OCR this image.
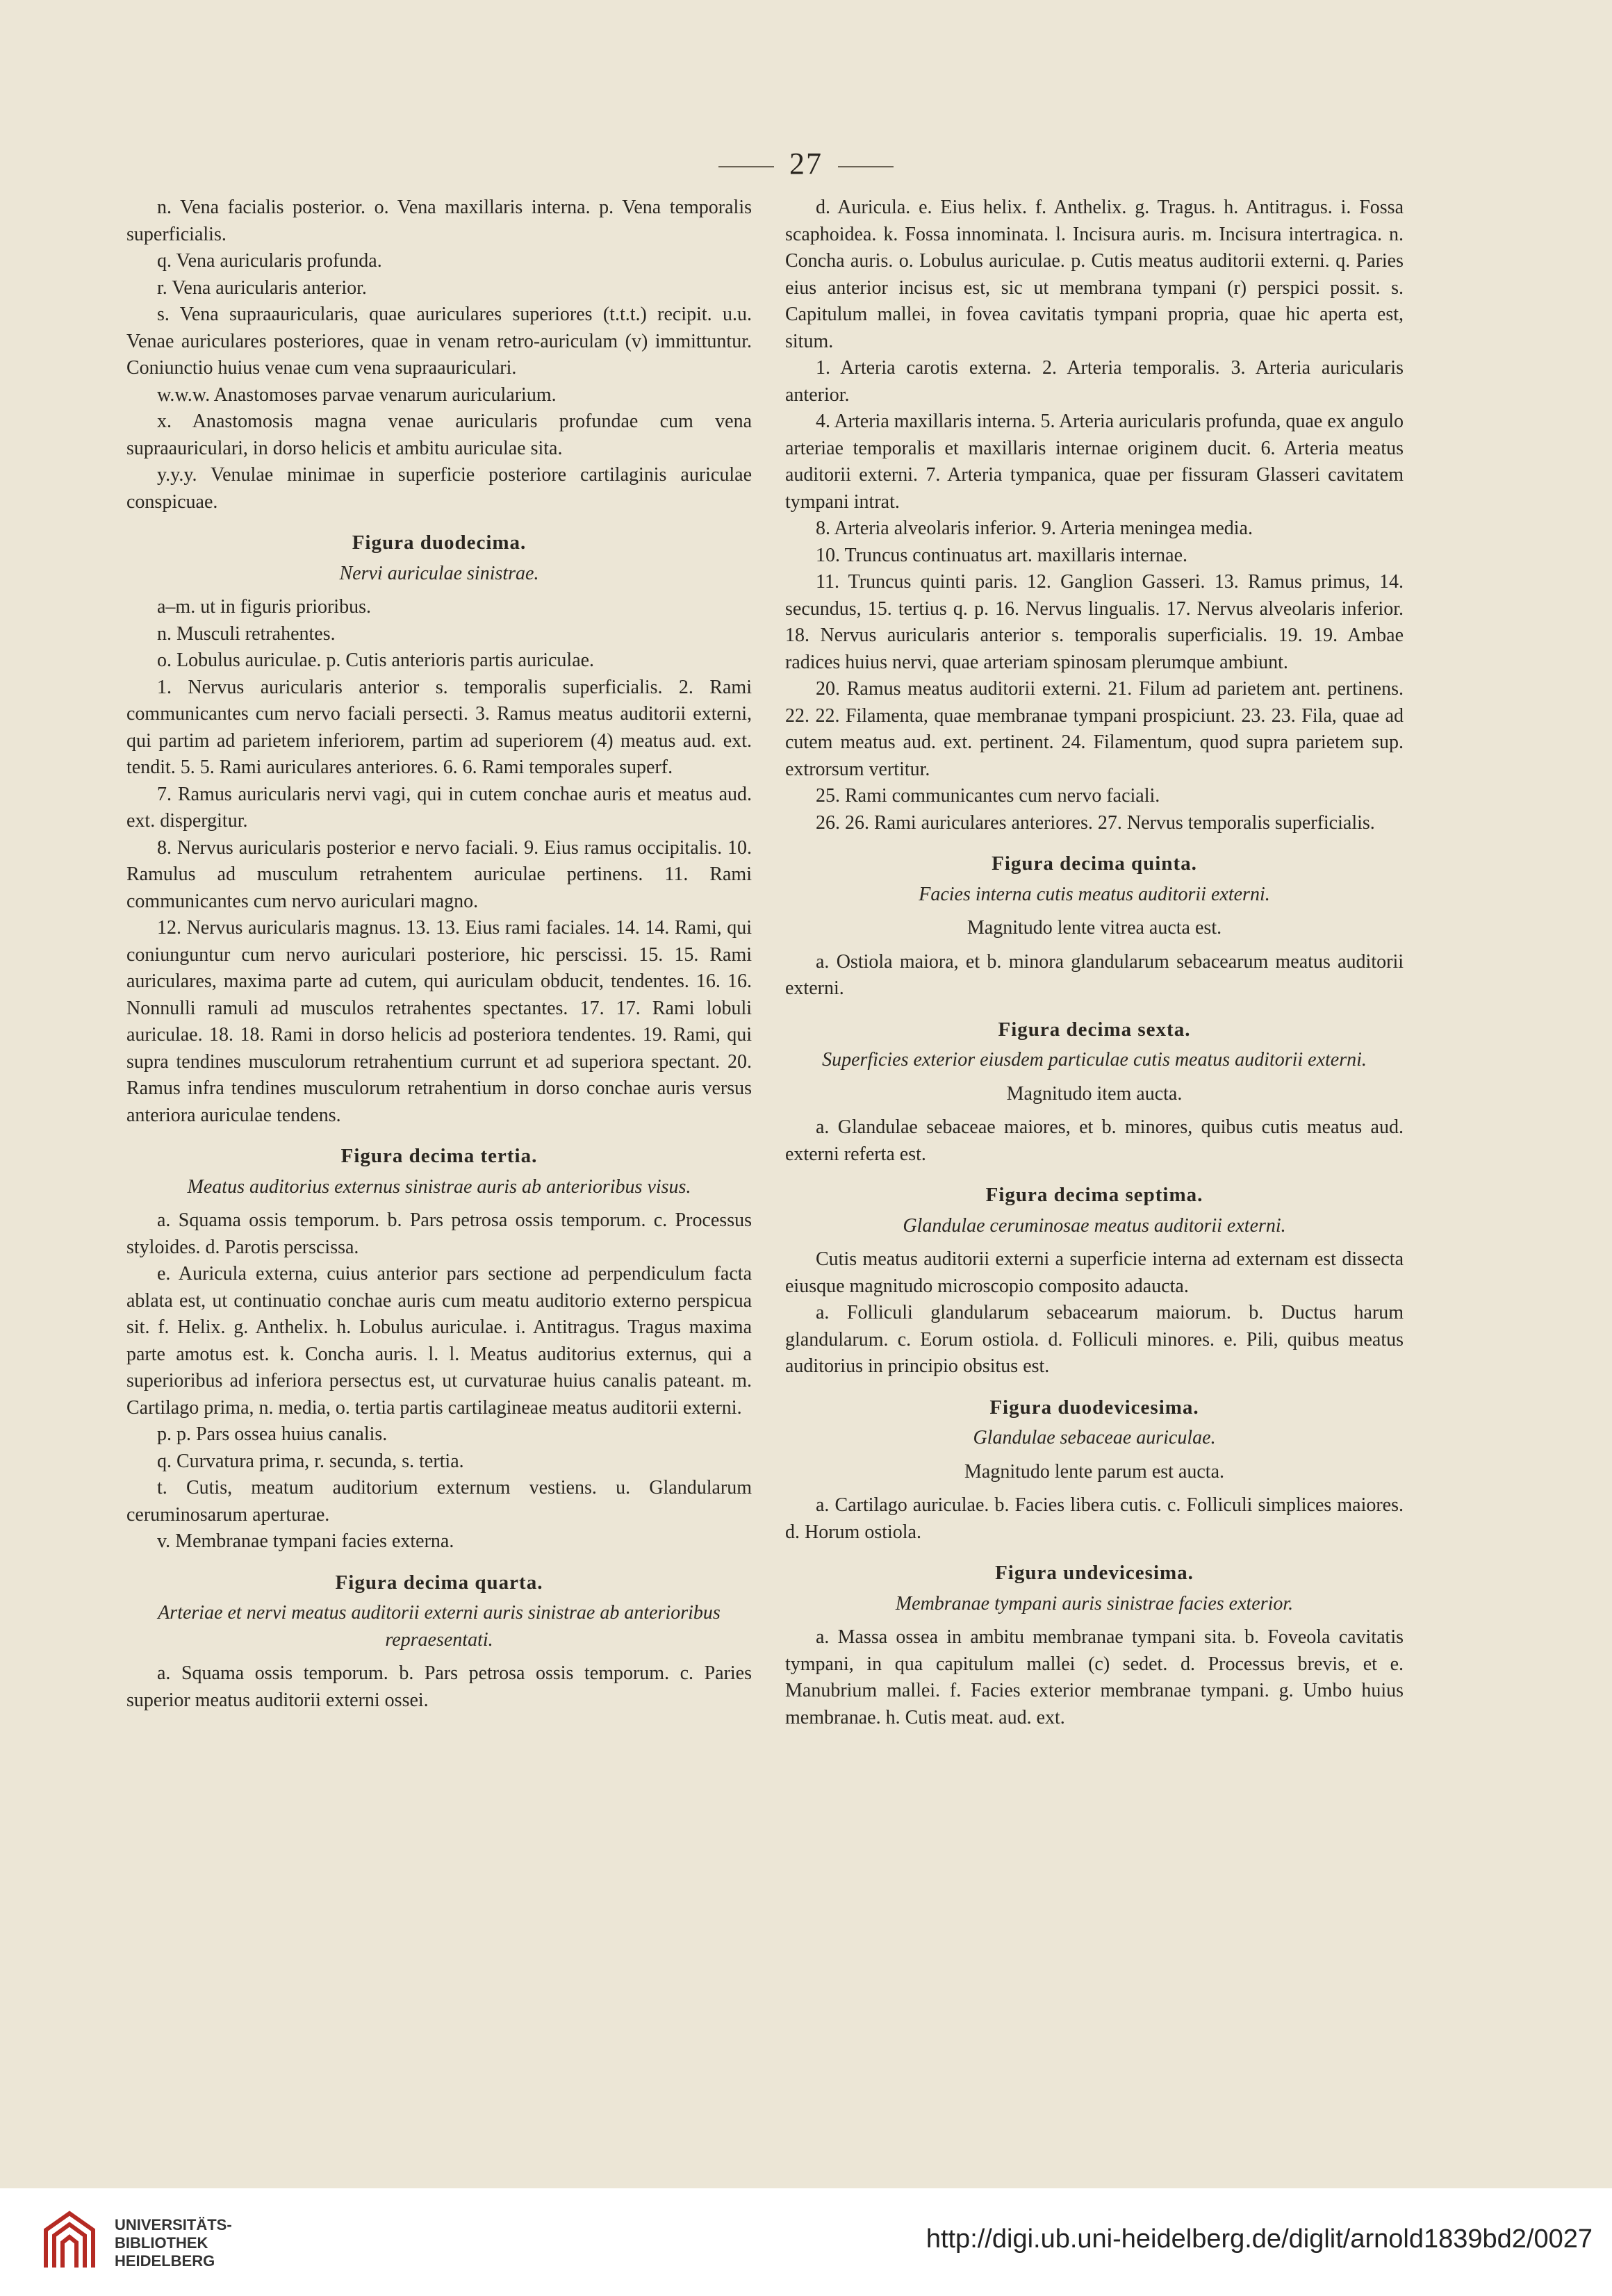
27
n. Vena facialis posterior. o. Vena maxillaris interna. p. Vena temporalis superficialis.
q. Vena auricularis profunda.
r. Vena auricularis anterior.
s. Vena supraauricularis, quae auriculares superiores (t.t.t.) recipit. u.u. Venae auriculares posteriores, quae in venam retro-auriculam (v) immittuntur. Coniunctio huius venae cum vena supraauriculari.
w.w.w. Anastomoses parvae venarum auricularium.
x. Anastomosis magna venae auricularis profundae cum vena supraauriculari, in dorso helicis et ambitu auriculae sita.
y.y.y. Venulae minimae in superficie posteriore cartilaginis auriculae conspicuae.
Figura duodecima.
Nervi auriculae sinistrae.
a–m. ut in figuris prioribus.
n. Musculi retrahentes.
o. Lobulus auriculae. p. Cutis anterioris partis auriculae.
1. Nervus auricularis anterior s. temporalis superficialis. 2. Rami communicantes cum nervo faciali persecti. 3. Ramus meatus auditorii externi, qui partim ad parietem inferiorem, partim ad superiorem (4) meatus aud. ext. tendit. 5. 5. Rami auriculares anteriores. 6. 6. Rami temporales superf.
7. Ramus auricularis nervi vagi, qui in cutem conchae auris et meatus aud. ext. dispergitur.
8. Nervus auricularis posterior e nervo faciali. 9. Eius ramus occipitalis. 10. Ramulus ad musculum retrahentem auriculae pertinens. 11. Rami communicantes cum nervo auriculari magno.
12. Nervus auricularis magnus. 13. 13. Eius rami faciales. 14. 14. Rami, qui coniunguntur cum nervo auriculari posteriore, hic perscissi. 15. 15. Rami auriculares, maxima parte ad cutem, qui auriculam obducit, tendentes. 16. 16. Nonnulli ramuli ad musculos retrahentes spectantes. 17. 17. Rami lobuli auriculae. 18. 18. Rami in dorso helicis ad posteriora tendentes. 19. Rami, qui supra tendines musculorum retrahentium currunt et ad superiora spectant. 20. Ramus infra tendines musculorum retrahentium in dorso conchae auris versus anteriora auriculae tendens.
Figura decima tertia.
Meatus auditorius externus sinistrae auris ab anterioribus visus.
a. Squama ossis temporum. b. Pars petrosa ossis temporum. c. Processus styloides. d. Parotis perscissa.
e. Auricula externa, cuius anterior pars sectione ad perpendiculum facta ablata est, ut continuatio conchae auris cum meatu auditorio externo perspicua sit. f. Helix. g. Anthelix. h. Lobulus auriculae. i. Antitragus. Tragus maxima parte amotus est. k. Concha auris. l. l. Meatus auditorius externus, qui a superioribus ad inferiora persectus est, ut curvaturae huius canalis pateant. m. Cartilago prima, n. media, o. tertia partis cartilagineae meatus auditorii externi.
p. p. Pars ossea huius canalis.
q. Curvatura prima, r. secunda, s. tertia.
t. Cutis, meatum auditorium externum vestiens. u. Glandularum ceruminosarum aperturae.
v. Membranae tympani facies externa.
Figura decima quarta.
Arteriae et nervi meatus auditorii externi auris sinistrae ab anterioribus repraesentati.
a. Squama ossis temporum. b. Pars petrosa ossis temporum. c. Paries superior meatus auditorii externi ossei.
d. Auricula. e. Eius helix. f. Anthelix. g. Tragus. h. Antitragus. i. Fossa scaphoidea. k. Fossa innominata. l. Incisura auris. m. Incisura intertragica. n. Concha auris. o. Lobulus auriculae. p. Cutis meatus auditorii externi. q. Paries eius anterior incisus est, sic ut membrana tympani (r) perspici possit. s. Capitulum mallei, in fovea cavitatis tympani propria, quae hic aperta est, situm.
1. Arteria carotis externa. 2. Arteria temporalis. 3. Arteria auricularis anterior.
4. Arteria maxillaris interna. 5. Arteria auricularis profunda, quae ex angulo arteriae temporalis et maxillaris internae originem ducit. 6. Arteria meatus auditorii externi. 7. Arteria tympanica, quae per fissuram Glasseri cavitatem tympani intrat.
8. Arteria alveolaris inferior. 9. Arteria meningea media.
10. Truncus continuatus art. maxillaris internae.
11. Truncus quinti paris. 12. Ganglion Gasseri. 13. Ramus primus, 14. secundus, 15. tertius q. p. 16. Nervus lingualis. 17. Nervus alveolaris inferior. 18. Nervus auricularis anterior s. temporalis superficialis. 19. 19. Ambae radices huius nervi, quae arteriam spinosam plerumque ambiunt.
20. Ramus meatus auditorii externi. 21. Filum ad parietem ant. pertinens. 22. 22. Filamenta, quae membranae tympani prospiciunt. 23. 23. Fila, quae ad cutem meatus aud. ext. pertinent. 24. Filamentum, quod supra parietem sup. extrorsum vertitur.
25. Rami communicantes cum nervo faciali.
26. 26. Rami auriculares anteriores. 27. Nervus temporalis superficialis.
Figura decima quinta.
Facies interna cutis meatus auditorii externi.
Magnitudo lente vitrea aucta est.
a. Ostiola maiora, et b. minora glandularum sebacearum meatus auditorii externi.
Figura decima sexta.
Superficies exterior eiusdem particulae cutis meatus auditorii externi.
Magnitudo item aucta.
a. Glandulae sebaceae maiores, et b. minores, quibus cutis meatus aud. externi referta est.
Figura decima septima.
Glandulae ceruminosae meatus auditorii externi.
Cutis meatus auditorii externi a superficie interna ad externam est dissecta eiusque magnitudo microscopio composito adaucta.
a. Folliculi glandularum sebacearum maiorum. b. Ductus harum glandularum. c. Eorum ostiola. d. Folliculi minores. e. Pili, quibus meatus auditorius in principio obsitus est.
Figura duodevicesima.
Glandulae sebaceae auriculae.
Magnitudo lente parum est aucta.
a. Cartilago auriculae. b. Facies libera cutis. c. Folliculi simplices maiores. d. Horum ostiola.
Figura undevicesima.
Membranae tympani auris sinistrae facies exterior.
a. Massa ossea in ambitu membranae tympani sita. b. Foveola cavitatis tympani, in qua capitulum mallei (c) sedet. d. Processus brevis, et e. Manubrium mallei. f. Facies exterior membranae tympani. g. Umbo huius membranae. h. Cutis meat. aud. ext.
UNIVERSITÄTS-
BIBLIOTHEK
HEIDELBERG
http://digi.ub.uni-heidelberg.de/diglit/arnold1839bd2/0027
